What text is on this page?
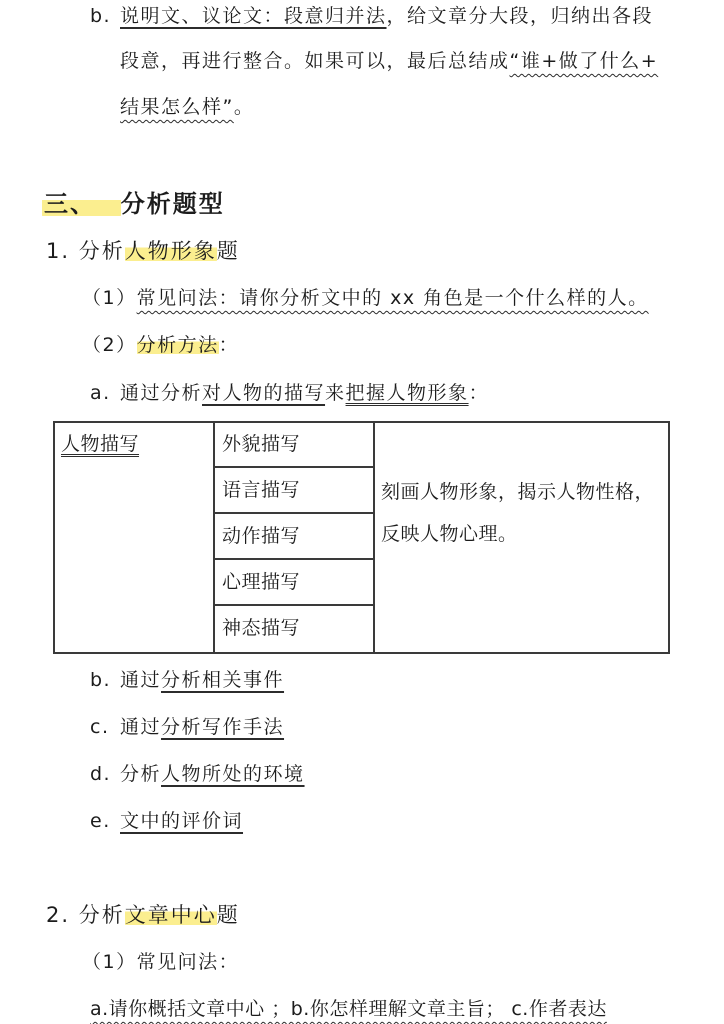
b. 说明文、议论文：段意归并法，给文章分大段，归纳出各段
段意，再进行整合。如果可以，最后总结成“谁+做了什么+
结果怎么样”。
三、 分析题型
1. 分析人物形象题
（1）常见问法：请你分析文中的 xx 角色是一个什么样的人。
（2）分析方法：
a. 通过分析对人物的描写来把握人物形象：
人物描写	外貌描写
语言描写
动作描写
心理描写
神态描写
刻画人物形象，揭示人物性格，
反映人物心理。
b. 通过分析相关事件
c. 通过分析写作手法
d. 分析人物所处的环境
e. 文中的评价词
2. 分析文章中心题
（1）常见问法：
a.请你概括文章中心 ；b.你怎样理解文章主旨； c.作者表达
